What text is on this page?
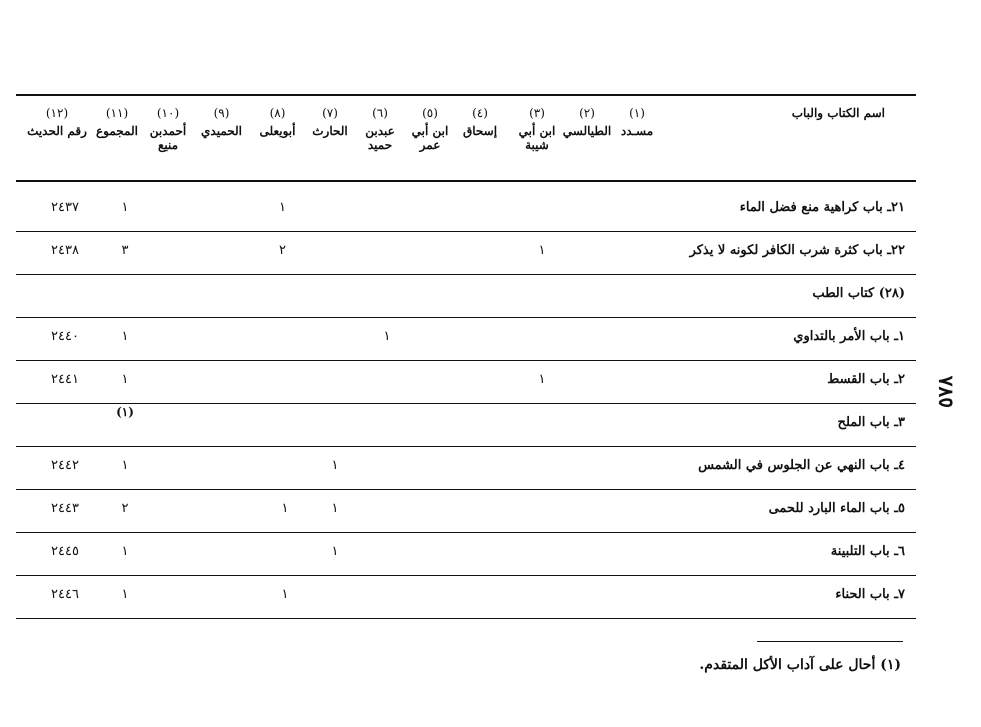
٥٧٨
اسم الكتاب والباب
(١)
مسـدد
(٢)
الطيالسي
(٣)
ابن أبي شيبة
(٤)
إسحاق
(٥)
ابن أبي عمر
(٦)
عبدبن حميد
(٧)
الحارث
(٨)
أبويعلى
(٩)
الحميدي
(١٠)
أحمدبن منيع
(١١)
المجموع
(١٢)
رقم الحديث
٢١ـ باب كراهية منع فضل الماء
١
١
٢٤٣٧
٢٢ـ باب كثرة شرب الكافر لكونه لا يذكر
١
٢
٣
٢٤٣٨
(٢٨) كتاب الطب
١ـ باب الأمر بالتداوي
١
١
٢٤٤٠
٢ـ باب القسط
١
١
٢٤٤١
(١)
٣ـ باب الملح
٤ـ باب النهي عن الجلوس في الشمس
١
١
٢٤٤٢
٥ـ باب الماء البارد للحمى
١
١
٢
٢٤٤٣
٦ـ باب التلبينة
١
١
٢٤٤٥
٧ـ باب الحناء
١
١
٢٤٤٦
(١) أحال على آداب الأكل المتقدم.
